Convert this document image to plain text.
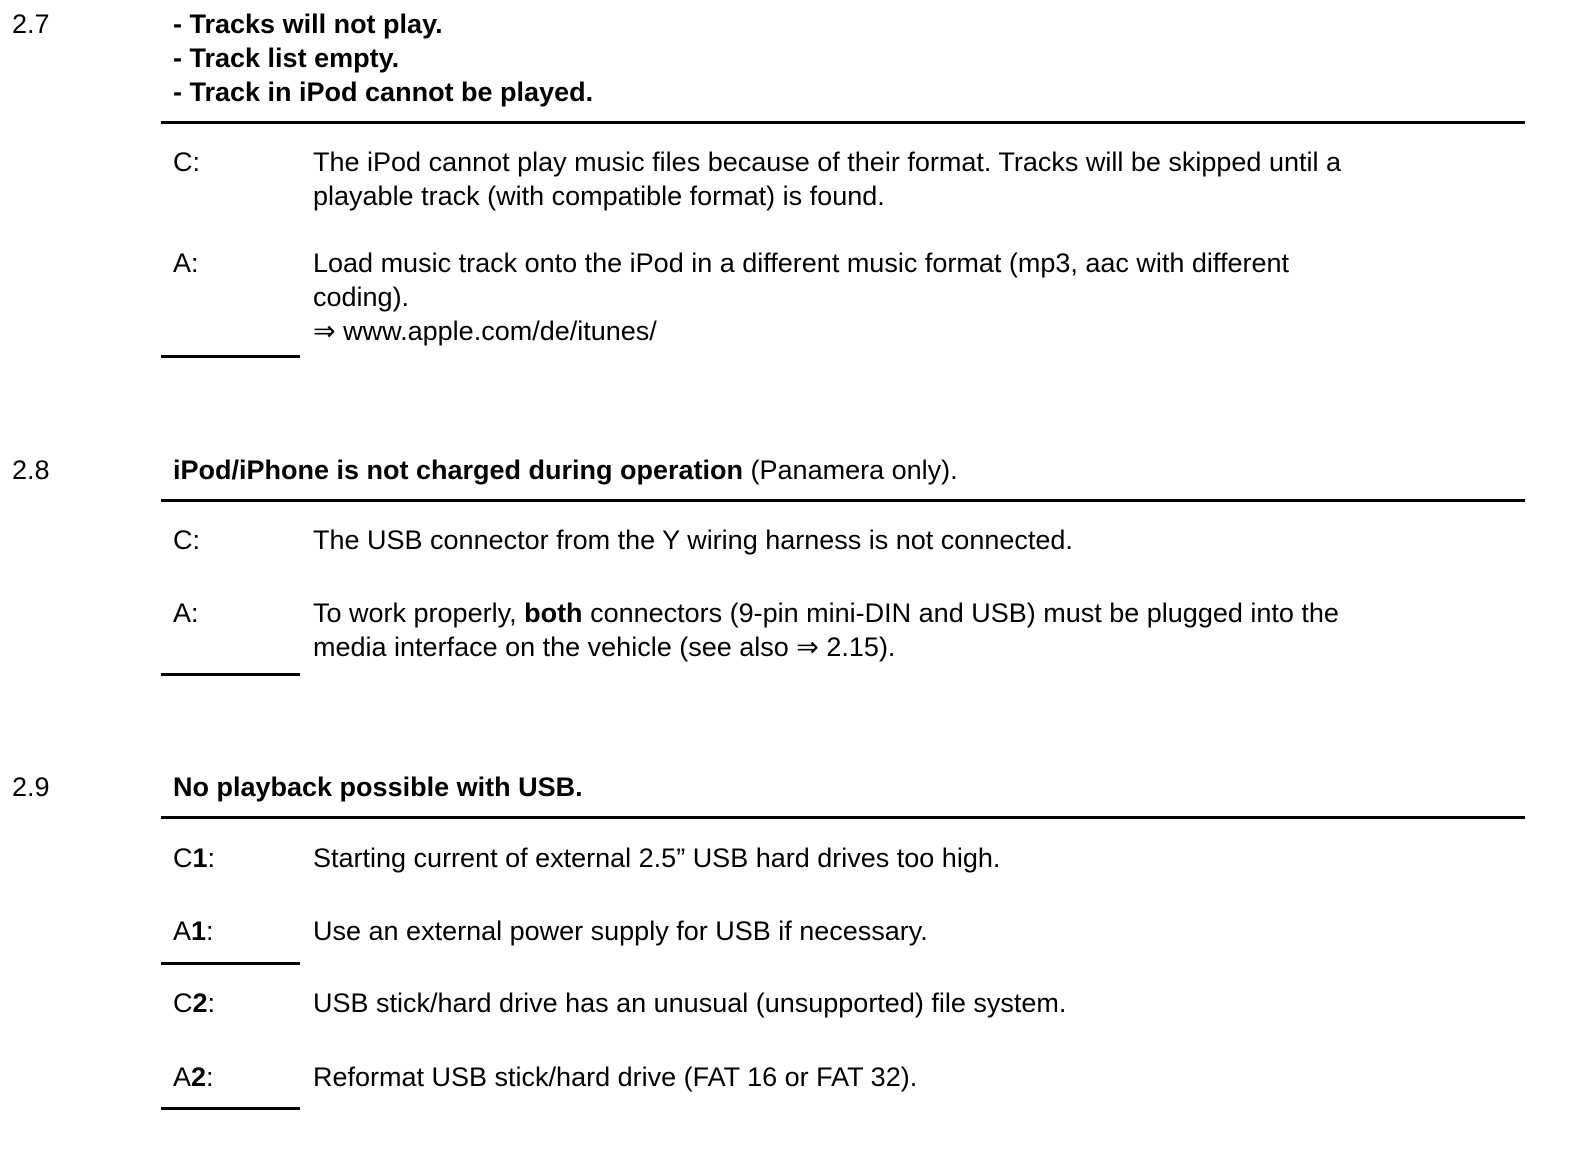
2.7	- Tracks will not play.
- Track list empty.
- Track in iPod cannot be played.
C:	The iPod cannot play music files because of their format. Tracks will be skipped until a
playable track (with compatible format) is found.
A:	Load music track onto the iPod in a different music format (mp3, aac with different
coding).
⇒ www.apple.com/de/itunes/
2.8	iPod/iPhone is not charged during operation (Panamera only).
C:	The USB connector from the Y wiring harness is not connected.
A:	To work properly, both connectors (9-pin mini-DIN and USB) must be plugged into the
media interface on the vehicle (see also ⇒ 2.15).
2.9	No playback possible with USB.
C1:	Starting current of external 2.5” USB hard drives too high.
A1:	Use an external power supply for USB if necessary.
C2:	USB stick/hard drive has an unusual (unsupported) file system.
A2:	Reformat USB stick/hard drive (FAT 16 or FAT 32).
